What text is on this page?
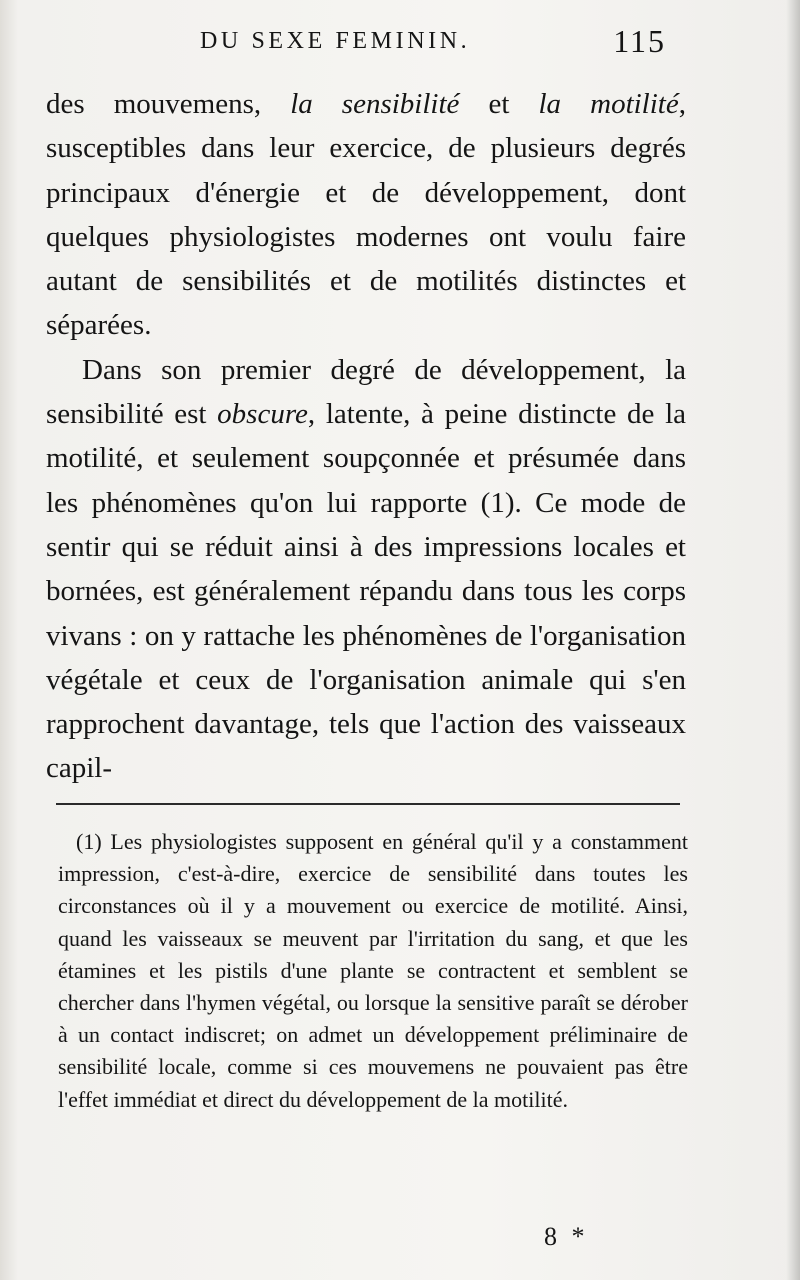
DU SEXE FEMININ.	115

des mouvemens, la sensibilité et la motilité, susceptibles dans leur exercice, de plusieurs degrés principaux d'énergie et de développement, dont quelques physiologistes modernes ont voulu faire autant de sensibilités et de motilités distinctes et séparées.

Dans son premier degré de développement, la sensibilité est obscure, latente, à peine distincte de la motilité, et seulement soupçonnée et présumée dans les phénomènes qu'on lui rapporte (1). Ce mode de sentir qui se réduit ainsi à des impressions locales et bornées, est généralement répandu dans tous les corps vivans : on y rattache les phénomènes de l'organisation végétale et ceux de l'organisation animale qui s'en rapprochent davantage, tels que l'action des vaisseaux capil-

(1) Les physiologistes supposent en général qu'il y a constamment impression, c'est-à-dire, exercice de sensibilité dans toutes les circonstances où il y a mouvement ou exercice de motilité. Ainsi, quand les vaisseaux se meuvent par l'irritation du sang, et que les étamines et les pistils d'une plante se contractent et semblent se chercher dans l'hymen végétal, ou lorsque la sensitive paraît se dérober à un contact indiscret; on admet un développement préliminaire de sensibilité locale, comme si ces mouvemens ne pouvaient pas être l'effet immédiat et direct du développement de la motilité.

8 *
